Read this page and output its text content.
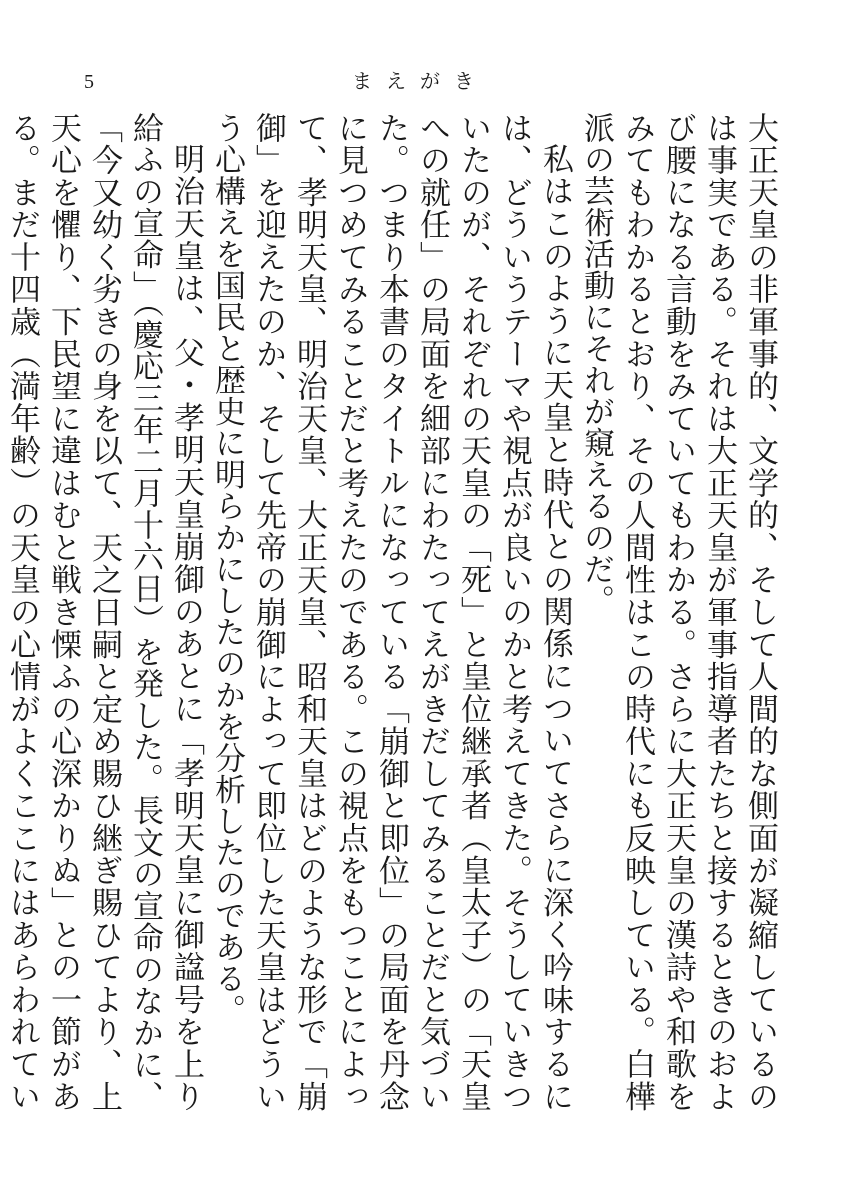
5	まえがき

大正天皇の非軍事的、文学的、そして人間的な側面が凝縮しているのは事実である。それは大正天皇が軍事指導者たちと接するときのおよび腰になる言動をみていてもわかる。さらに大正天皇の漢詩や和歌をみてもわかるとおり、その人間性はこの時代にも反映している。白樺派の芸術活動にそれが窺えるのだ。

私はこのように天皇と時代との関係についてさらに深く吟味するには、どういうテーマや視点が良いのかと考えてきた。そうしていきついたのが、それぞれの天皇の「死」と皇位継承者（皇太子）の「天皇への就任」の局面を細部にわたってえがきだしてみることだと気づいた。つまり本書のタイトルになっている「崩御と即位」の局面を丹念に見つめてみることだと考えたのである。この視点をもつことによって、孝明天皇、明治天皇、大正天皇、昭和天皇はどのような形で「崩御」を迎えたのか、そして先帝の崩御によって即位した天皇はどういう心構えを国民と歴史に明らかにしたのかを分析したのである。

明治天皇は、父・孝明天皇崩御のあとに「孝明天皇に御諡号を上り給ふの宣命」（慶応三年二月十六日）を発した。長文の宣命のなかに、「今又幼く劣きの身を以て、天之日嗣と定め賜ひ継ぎ賜ひてより、上天心を懼り、下民望に違はむと戦き慄ふの心深かりぬ」との一節がある。まだ十四歳（満年齢）の天皇の心情がよくここにはあらわれてい
